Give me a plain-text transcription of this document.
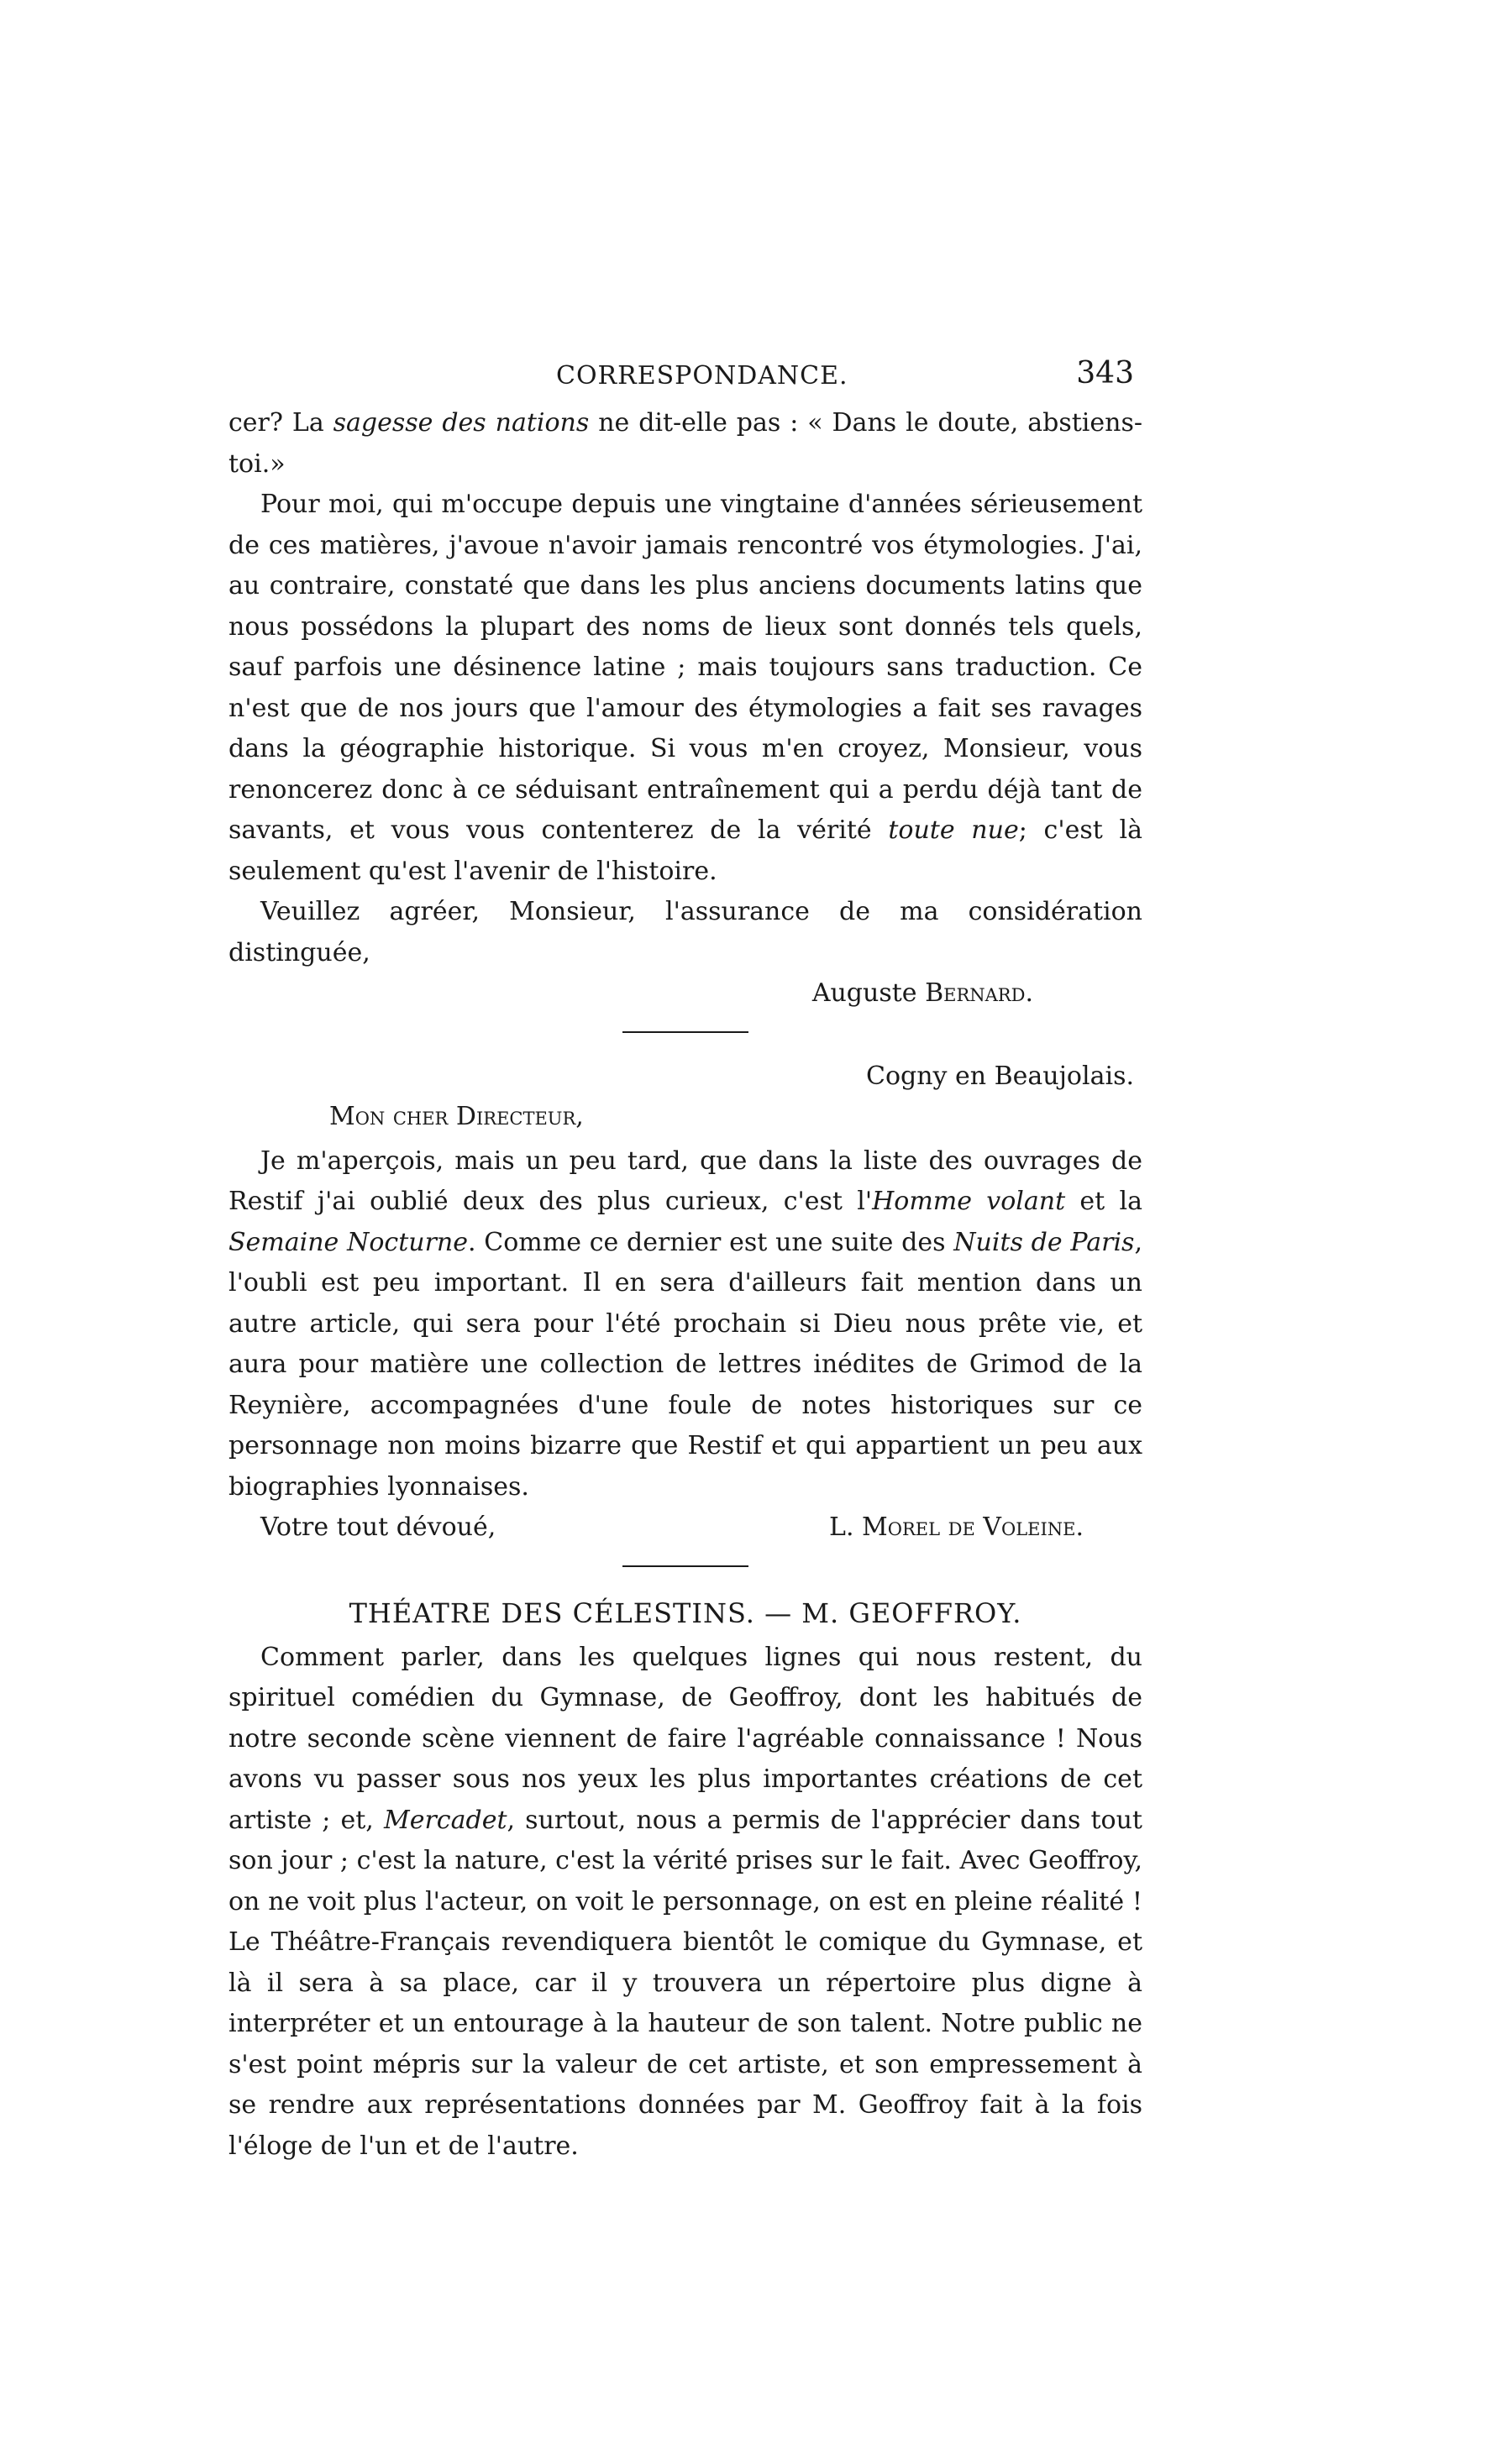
CORRESPONDANCE.	343

cer? La sagesse des nations ne dit-elle pas : « Dans le doute, abstiens-toi.»

Pour moi, qui m'occupe depuis une vingtaine d'années sérieusement de ces matières, j'avoue n'avoir jamais rencontré vos étymologies. J'ai, au contraire, constaté que dans les plus anciens documents latins que nous possédons la plupart des noms de lieux sont donnés tels quels, sauf parfois une désinence latine ; mais toujours sans traduction. Ce n'est que de nos jours que l'amour des étymologies a fait ses ravages dans la géographie historique. Si vous m'en croyez, Monsieur, vous renoncerez donc à ce séduisant entraînement qui a perdu déjà tant de savants, et vous vous contenterez de la vérité toute nue; c'est là seulement qu'est l'avenir de l'histoire.

Veuillez agréer, Monsieur, l'assurance de ma considération distinguée,

Auguste Bernard.

Cogny en Beaujolais.

Mon cher Directeur,

Je m'aperçois, mais un peu tard, que dans la liste des ouvrages de Restif j'ai oublié deux des plus curieux, c'est l'Homme volant et la Semaine Nocturne. Comme ce dernier est une suite des Nuits de Paris, l'oubli est peu important. Il en sera d'ailleurs fait mention dans un autre article, qui sera pour l'été prochain si Dieu nous prête vie, et aura pour matière une collection de lettres inédites de Grimod de la Reynière, accompagnées d'une foule de notes historiques sur ce personnage non moins bizarre que Restif et qui appartient un peu aux biographies lyonnaises.

Votre tout dévoué,	L. Morel de Voleine.
THÉATRE DES CÉLESTINS. — M. GEOFFROY.

Comment parler, dans les quelques lignes qui nous restent, du spirituel comédien du Gymnase, de Geoffroy, dont les habitués de notre seconde scène viennent de faire l'agréable connaissance ! Nous avons vu passer sous nos yeux les plus importantes créations de cet artiste ; et, Mercadet, surtout, nous a permis de l'apprécier dans tout son jour ; c'est la nature, c'est la vérité prises sur le fait. Avec Geoffroy, on ne voit plus l'acteur, on voit le personnage, on est en pleine réalité ! Le Théâtre-Français revendiquera bientôt le comique du Gymnase, et là il sera à sa place, car il y trouvera un répertoire plus digne à interpréter et un entourage à la hauteur de son talent. Notre public ne s'est point mépris sur la valeur de cet artiste, et son empressement à se rendre aux représentations données par M. Geoffroy fait à la fois l'éloge de l'un et de l'autre.
